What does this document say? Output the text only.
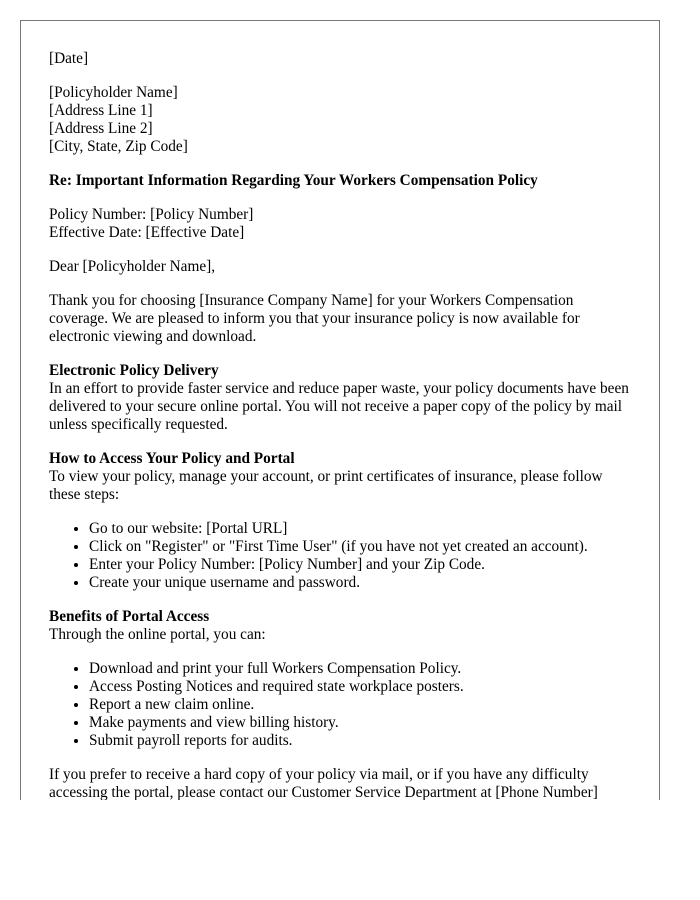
[Date]
[Policyholder Name]
[Address Line 1]
[Address Line 2]
[City, State, Zip Code]
Re: Important Information Regarding Your Workers Compensation Policy
Policy Number: [Policy Number]
Effective Date: [Effective Date]
Dear [Policyholder Name],
Thank you for choosing [Insurance Company Name] for your Workers Compensation coverage. We are pleased to inform you that your insurance policy is now available for electronic viewing and download.
Electronic Policy Delivery
In an effort to provide faster service and reduce paper waste, your policy documents have been delivered to your secure online portal. You will not receive a paper copy of the policy by mail unless specifically requested.
How to Access Your Policy and Portal
To view your policy, manage your account, or print certificates of insurance, please follow these steps:
• Go to our website: [Portal URL]
• Click on "Register" or "First Time User" (if you have not yet created an account).
• Enter your Policy Number: [Policy Number] and your Zip Code.
• Create your unique username and password.
Benefits of Portal Access
Through the online portal, you can:
• Download and print your full Workers Compensation Policy.
• Access Posting Notices and required state workplace posters.
• Report a new claim online.
• Make payments and view billing history.
• Submit payroll reports for audits.
If you prefer to receive a hard copy of your policy via mail, or if you have any difficulty accessing the portal, please contact our Customer Service Department at [Phone Number]
